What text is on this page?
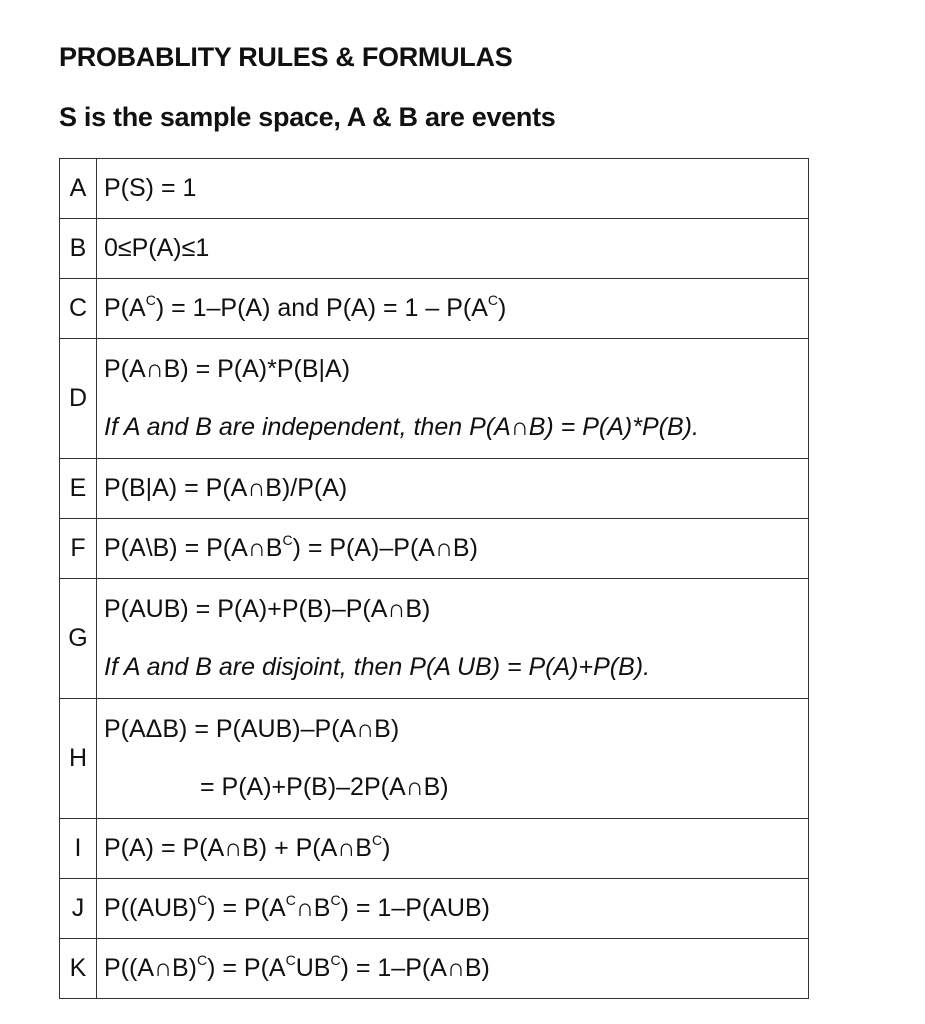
PROBABLITY RULES & FORMULAS
S is the sample space, A & B are events
A	P(S) = 1

B	0≤P(A)≤1

C	$P(A^C) = 1-P(A)$ and $P(A) = 1 - P(A^C)$

D	P(A∩B) = P(A)*P(B|A)
If A and B are independent, then P(A∩B) = P(A)*P(B).

E	P(B|A) = P(A∩B)/P(A)

F	P(A\B) = $P(A\cap B^C)$ = P(A)–P(A∩B)

G	P(AUB) = P(A)+P(B)–P(A∩B)
If A and B are disjoint, then P(A UB) = P(A)+P(B).

H	P(AΔB) = P(AUB)–P(A∩B)
= P(A)+P(B)–2P(A∩B)

I	P(A) = P(A∩B) + $P(A\cap B^C)$

J	$P((AUB)^C) = P(A^C\cap B^C) = 1-P(AUB)$

K	P((A∩B)$^C$) = $P(A^CUB^C)$ = 1–P(A∩B)
